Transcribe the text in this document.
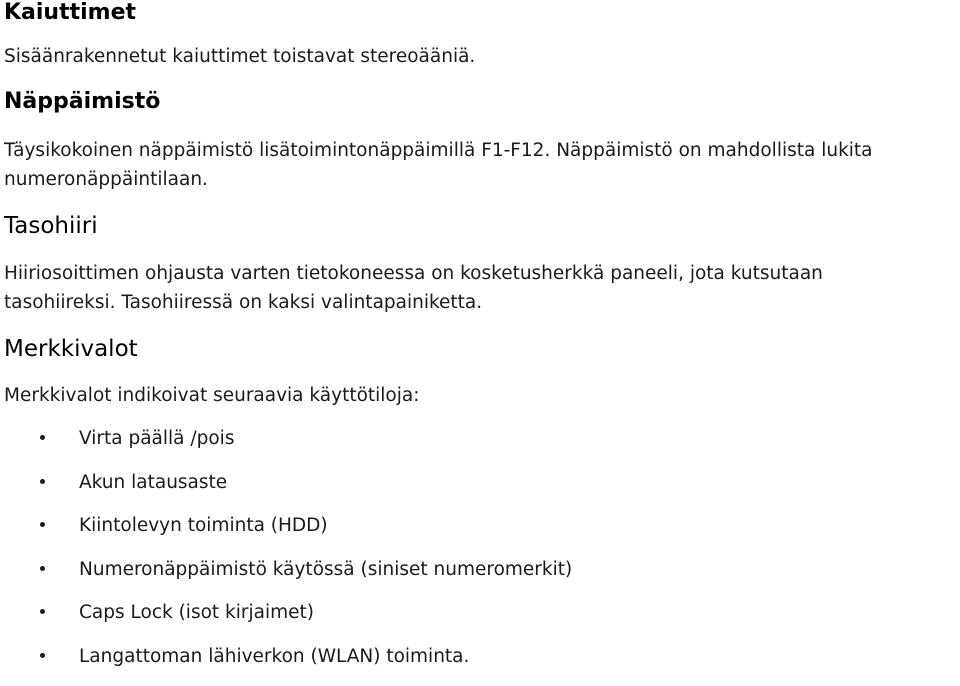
Kaiuttimet

Sisäänrakennetut kaiuttimet toistavat stereoääniä.

Näppäimistö

Täysikokoinen näppäimistö lisätoimintonäppäimillä F1-F12. Näppäimistö on mahdollista lukita
numeronäppäintilaan.

Tasohiiri

Hiiriosoittimen ohjausta varten tietokoneessa on kosketusherkkä paneeli, jota kutsutaan
tasohiireksi. Tasohiiressä on kaksi valintapainiketta.

Merkkivalot

Merkkivalot indikoivat seuraavia käyttötiloja:

Virta päällä /pois
Akun latausaste
Kiintolevyn toiminta (HDD)
Numeronäppäimistö käytössä (siniset numeromerkit)
Caps Lock (isot kirjaimet)
Langattoman lähiverkon (WLAN) toiminta.
